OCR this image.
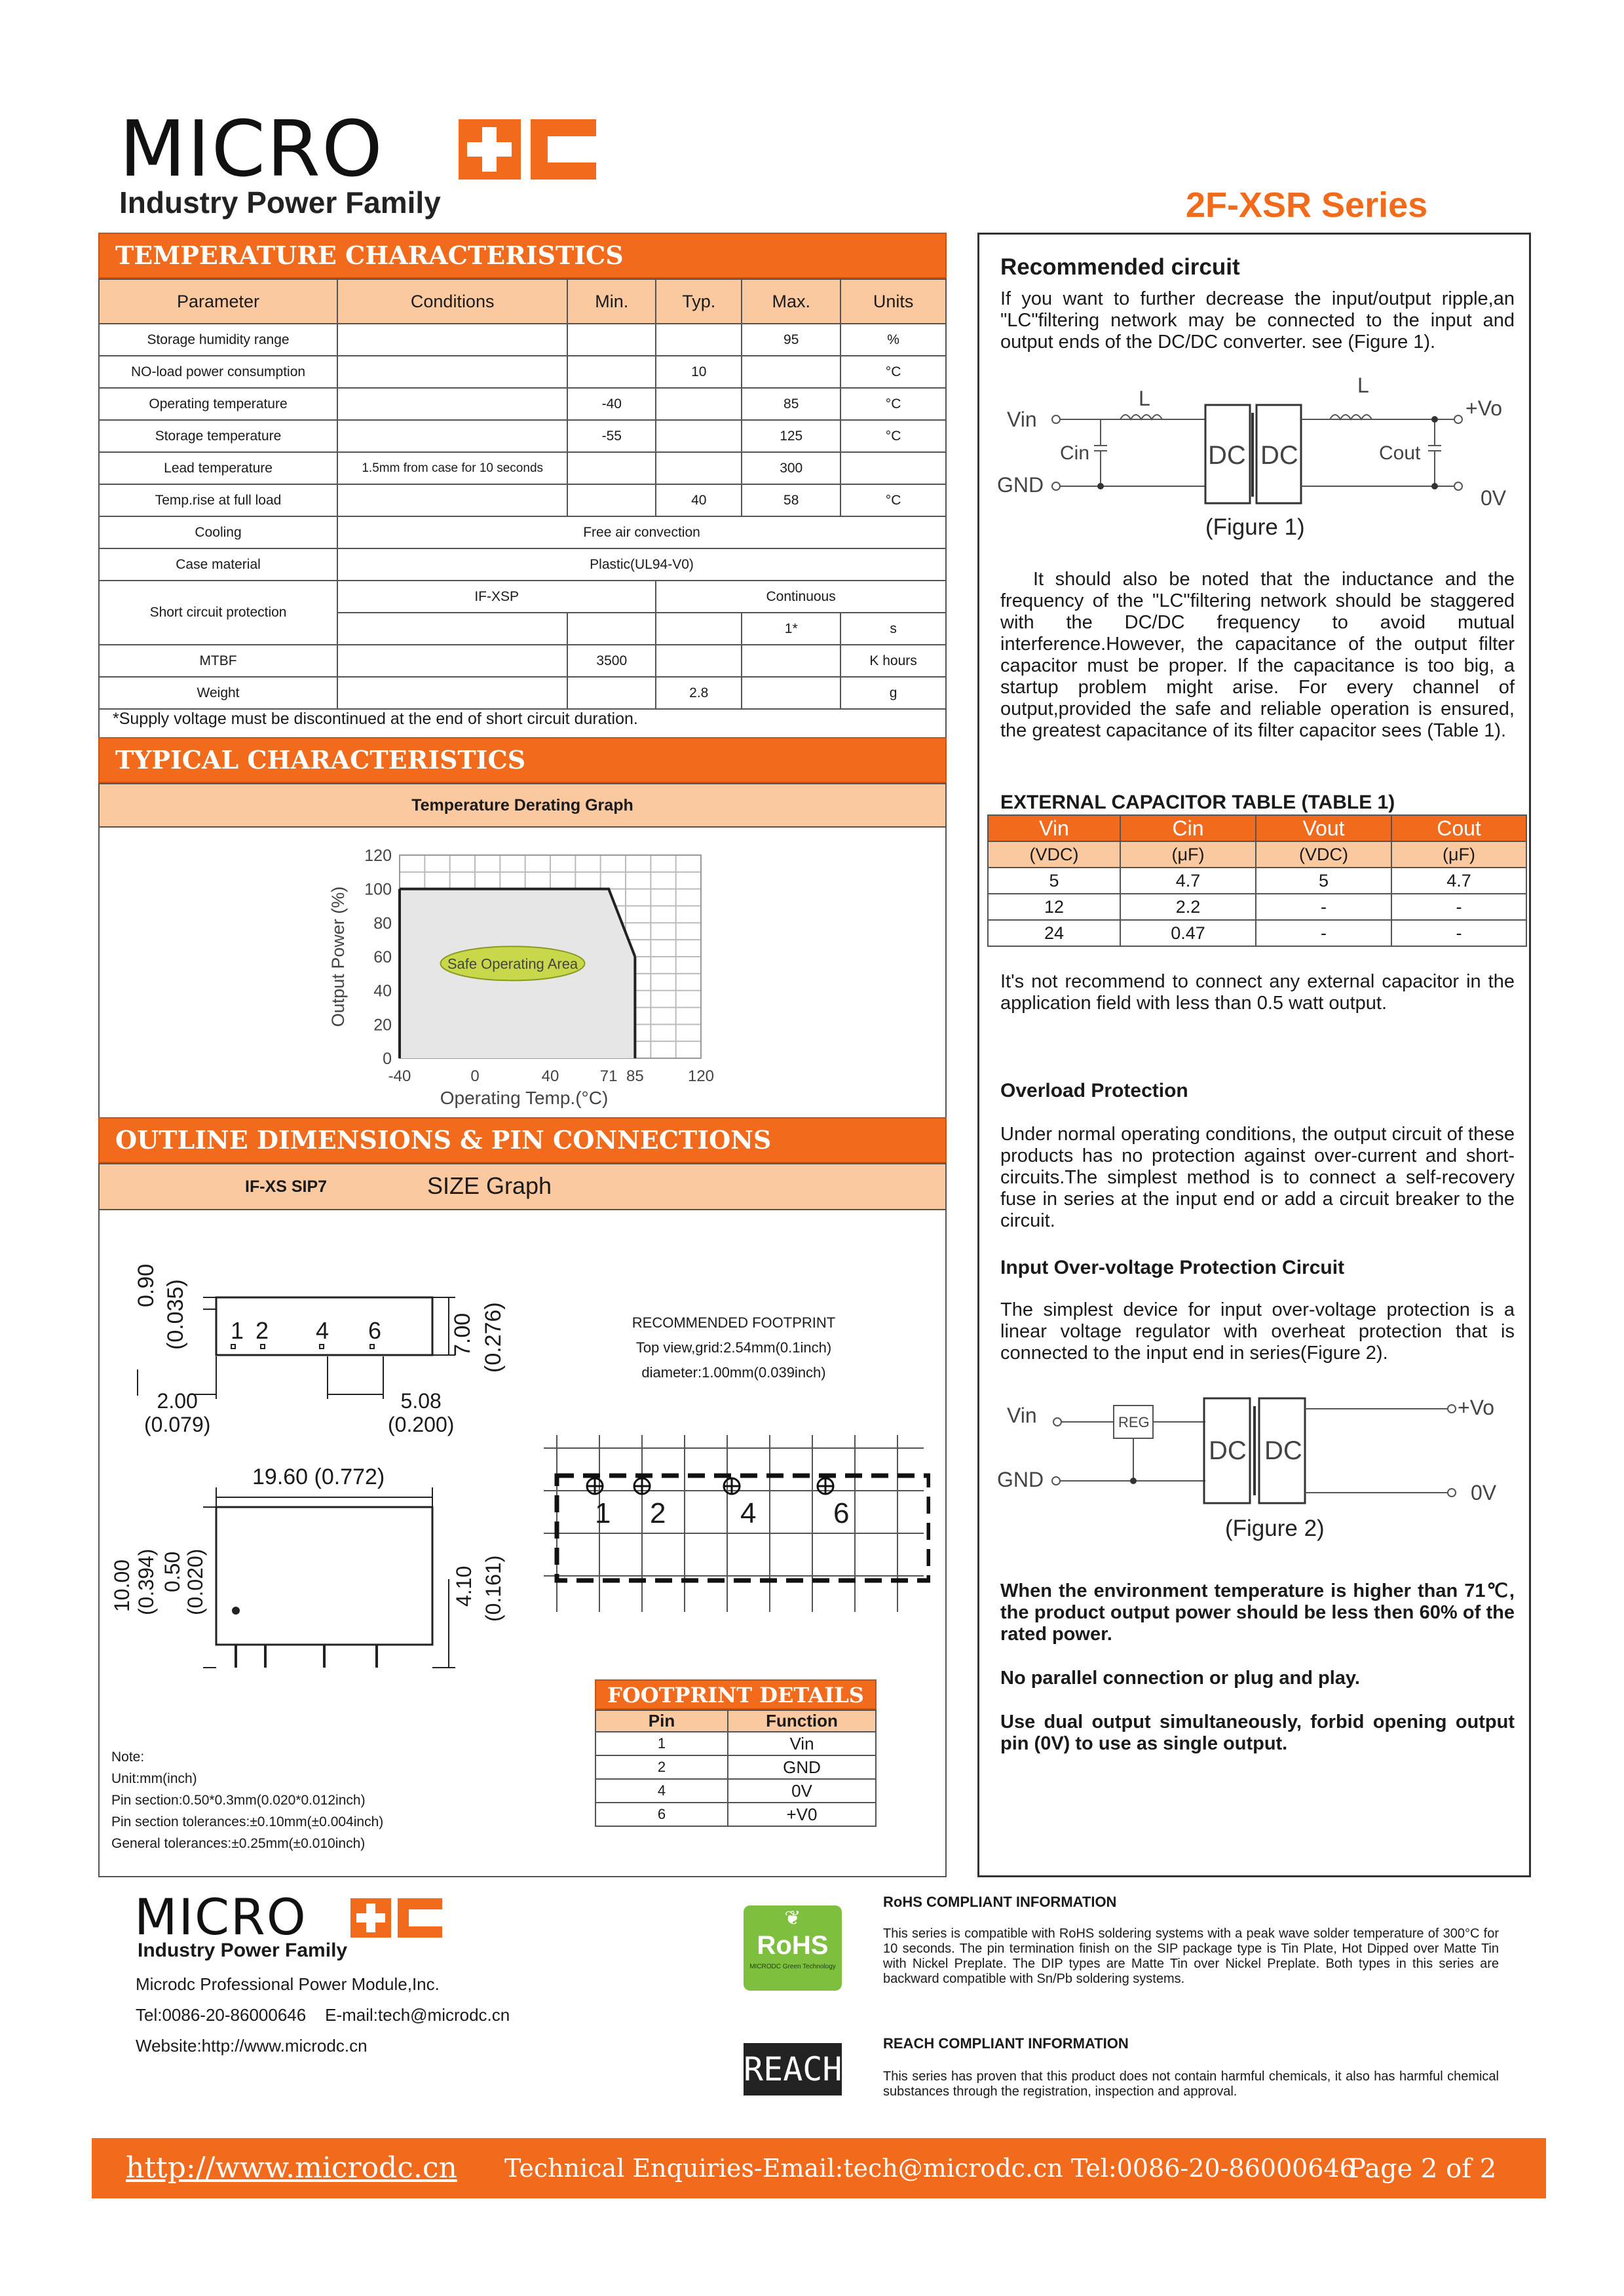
MICRO
Industry Power Family	2F-XSR Series
TEMPERATURE CHARACTERISTICS
Parameter	Conditions	Min.	Typ.	Max.	Units
Storage humidity range				95	%
NO-load power consumption			10		°C
Operating temperature		-40		85	°C
Storage temperature		-55		125	°C
Lead temperature	1.5mm from case for 10 seconds			300	
Temp.rise at full load			40	58	°C
Cooling	Free air convection				
Case material	Plastic(UL94-V0)				
Short circuit protection	IF-XSP		Continuous		
				1*	s
MTBF		3500			K hours
Weight			2.8		g
*Supply voltage must be discontinued at the end of short circuit duration.
TYPICAL CHARACTERISTICS
Temperature Derating Graph
Safe Operating Area
0
20
40
60
80
100
120
-40	0	40	71 85	120
Operating Temp.(°C)
Output Power (%)
OUTLINE DIMENSIONS & PIN CONNECTIONS
IF-XS SIP7	SIZE Graph
0.90 (0.035)	7.00 (0.276)
1 2 4 6
2.00
(0.079)
5.08
(0.200)
19.60 (0.772)
10.00 (0.394) 0.50 (0.020)	4.10 (0.161)
RECOMMENDED FOOTPRINT
Top view,grid:2.54mm(0.1inch)
diameter:1.00mm(0.039inch)
1 2	4	6
Note:
Unit:mm(inch)
Pin section:0.50*0.3mm(0.020*0.012inch)
Pin section tolerances:±0.10mm(±0.004inch)
General tolerances:±0.25mm(±0.010inch)
FOOTPRINT DETAILS
Pin	Function
1	Vin
2	GND
4	0V
6	+V0
Recommended circuit
If you want to further decrease the input/output ripple,an "LC"filtering network may be connected to the input and output ends of the DC/DC converter. see (Figure 1).
Vin
GND
Cin
L
DC DC
L
Cout
+Vo
0V
(Figure 1)
It should also be noted that the inductance and the frequency of the "LC"filtering network should be staggered with the DC/DC frequency to avoid mutual interference.However, the capacitance of the output filter capacitor must be proper. If the capacitance is too big, a startup problem might arise. For every channel of output,provided the safe and reliable operation is ensured, the greatest capacitance of its filter capacitor sees (Table 1).
EXTERNAL CAPACITOR TABLE (TABLE 1)
Vin	Cin	Vout	Cout
(VDC)	(μF)	(VDC)	(μF)
5	4.7	5	4.7
12	2.2	-	-
24	0.47	-	-
It's not recommend to connect any external capacitor in the application field with less than 0.5 watt output.
Overload Protection
Under normal operating conditions, the output circuit of these products has no protection against over-current and short-circuits.The simplest method is to connect a self-recovery fuse in series at the input end or add a circuit breaker to the circuit.
Input Over-voltage Protection Circuit
The simplest device for input over-voltage protection is a linear voltage regulator with overheat protection that is connected to the input end in series(Figure 2).
Vin
GND
REG
DC DC
+Vo
0V
(Figure 2)
When the environment temperature is higher than 71℃, the product output power should be less then 60% of the rated power.
No parallel connection or plug and play.
Use dual output simultaneously, forbid opening output pin (0V) to use as single output.
MICRO
Industry Power Family
Microdc Professional Power Module,Inc.
Tel:0086-20-86000646    E-mail:tech@microdc.cn
Website:http://www.microdc.cn
❦
RoHS
MICRODC Green Technology
REACH
RoHS COMPLIANT INFORMATION
This series is compatible with RoHS soldering systems with a peak wave solder temperature of 300°C for 10 seconds. The pin termination finish on the SIP package type is Tin Plate, Hot Dipped over Matte Tin with Nickel Preplate. The DIP types are Matte Tin over Nickel Preplate. Both types in this series are backward compatible with Sn/Pb soldering systems.
REACH COMPLIANT INFORMATION
This series has proven that this product does not contain harmful chemicals, it also has harmful chemical substances through the registration, inspection and approval.
http://www.microdc.cn Technical Enquiries-Email:tech@microdc.cn Tel:0086-20-86000646
Page 2 of 2
